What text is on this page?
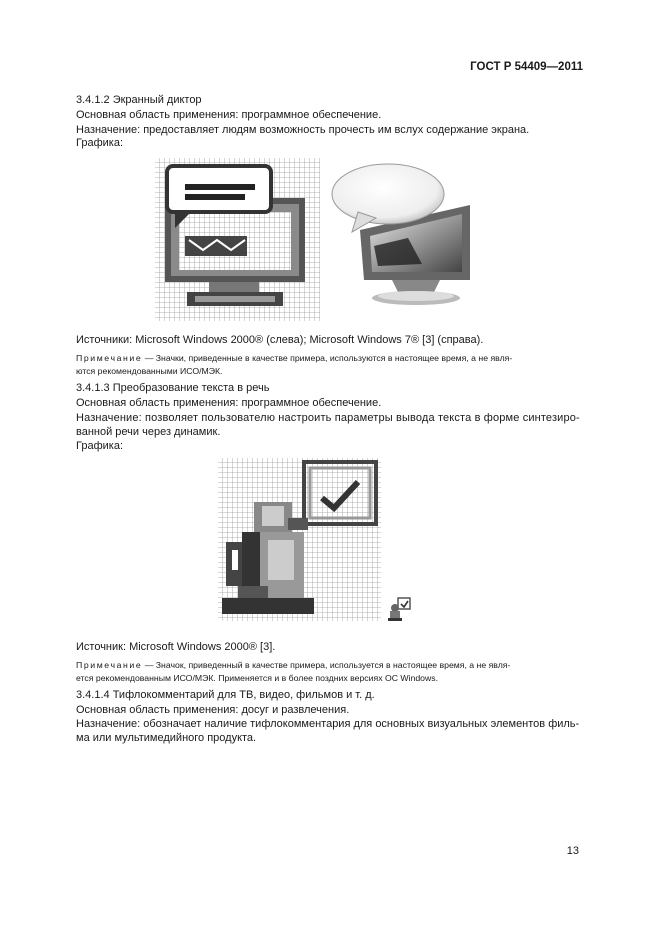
ГОСТ Р 54409—2011
3.4.1.2 Экранный диктор
Основная область применения: программное обеспечение.
Назначение: предоставляет людям возможность прочесть им вслух содержание экрана.
Графика:
Источники: Microsoft Windows 2000® (слева); Microsoft Windows 7® [3] (справа).
Примечание — Значки, приведенные в качестве примера, используются в настоящее время, а не явля-
ются рекомендованными ИСО/МЭК.
3.4.1.3 Преобразование текста в речь
Основная область применения: программное обеспечение.
Назначение: позволяет пользователю настроить параметры вывода текста в форме синтезиро-
ванной речи через динамик.
Графика:
Источник: Microsoft Windows 2000® [3].
Примечание — Значок, приведенный в качестве примера, используется в настоящее время, а не явля-
ется рекомендованным ИСО/МЭК. Применяется и в более поздних версиях ОС Windows.
3.4.1.4 Тифлокомментарий для ТВ, видео, фильмов и т. д.
Основная область применения: досуг и развлечения.
Назначение: обозначает наличие тифлокомментария для основных визуальных элементов филь-
ма или мультимедийного продукта.
13
